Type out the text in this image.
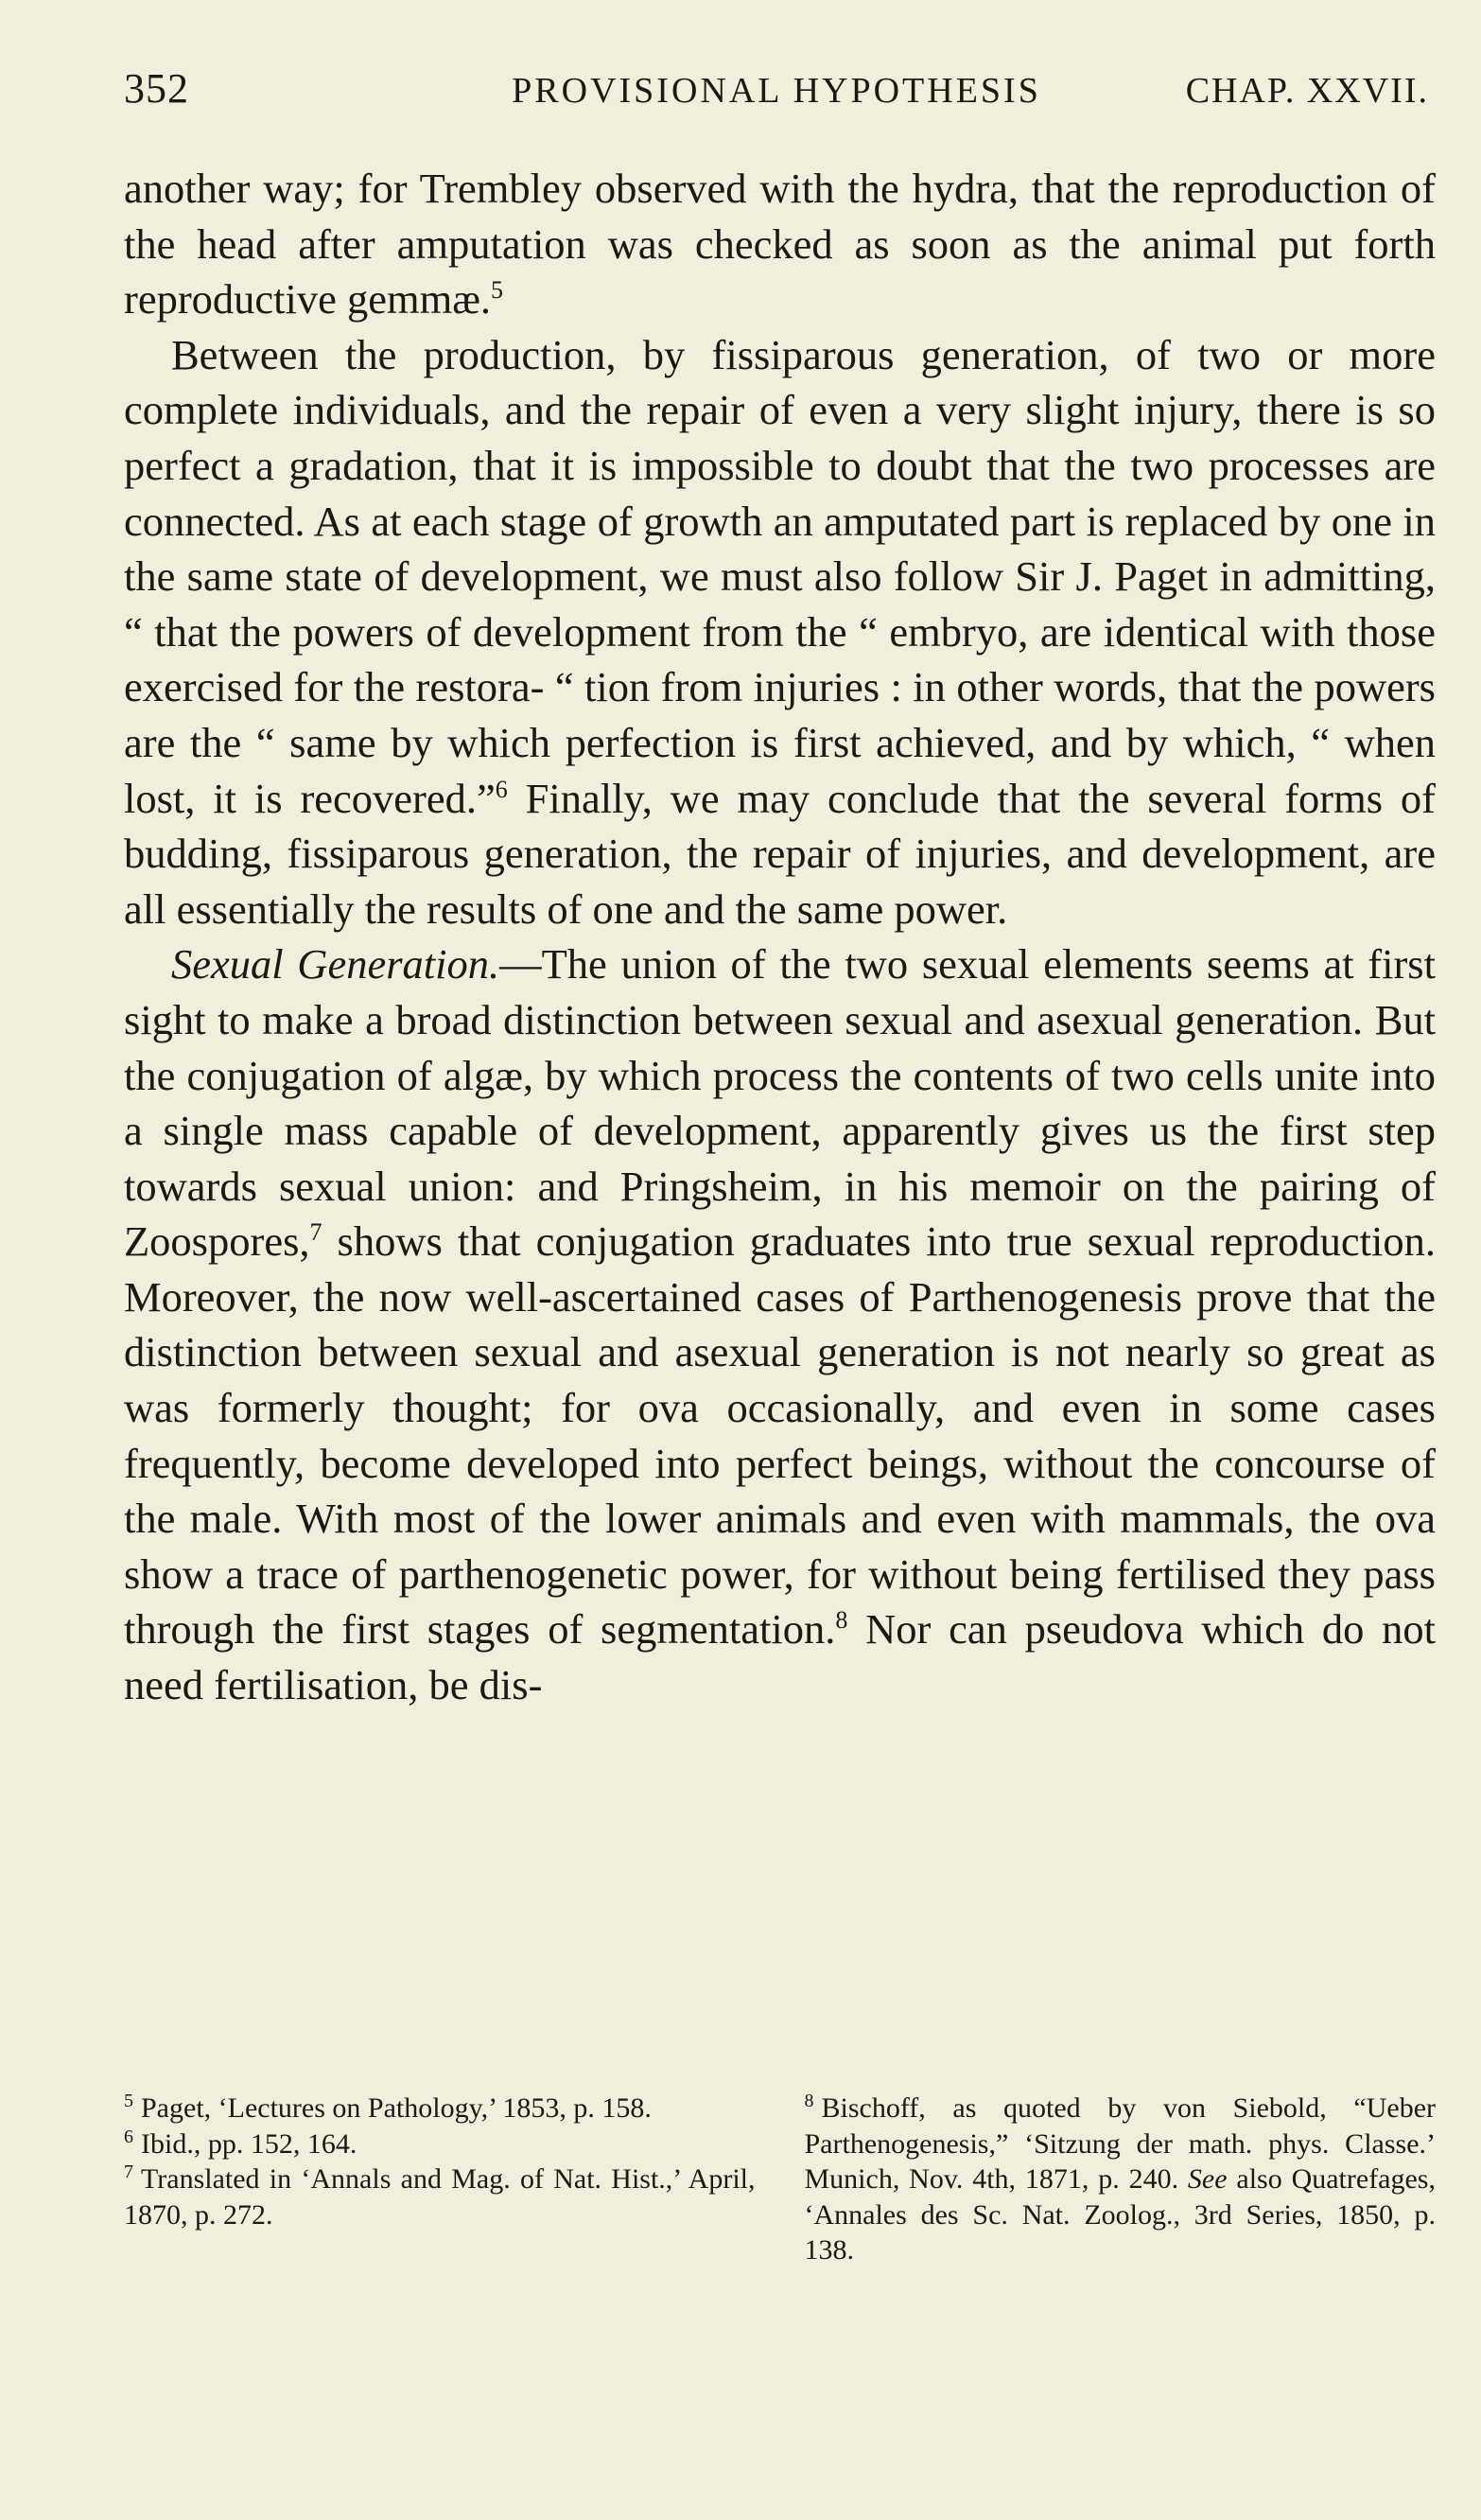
352	PROVISIONAL HYPOTHESIS	CHAP. XXVII.

another way; for Trembley observed with the hydra, that the reproduction of the head after amputation was checked as soon as the animal put forth reproductive gemmæ.$^5$

Between the production, by fissiparous generation, of two or more complete individuals, and the repair of even a very slight injury, there is so perfect a gradation, that it is impossible to doubt that the two processes are connected. As at each stage of growth an amputated part is replaced by one in the same state of development, we must also follow Sir J. Paget in admitting, “ that the powers of development from the “ embryo, are identical with those exercised for the restora- “ tion from injuries : in other words, that the powers are the “ same by which perfection is first achieved, and by which, “ when lost, it is recovered.”$^6$ Finally, we may conclude that the several forms of budding, fissiparous generation, the repair of injuries, and development, are all essentially the results of one and the same power.

Sexual Generation.—The union of the two sexual elements seems at first sight to make a broad distinction between sexual and asexual generation. But the conjugation of algæ, by which process the contents of two cells unite into a single mass capable of development, apparently gives us the first step towards sexual union: and Pringsheim, in his memoir on the pairing of Zoospores,$^7$ shows that conjugation graduates into true sexual reproduction. Moreover, the now well-ascertained cases of Parthenogenesis prove that the distinction between sexual and asexual generation is not nearly so great as was formerly thought; for ova occasionally, and even in some cases frequently, become developed into perfect beings, without the concourse of the male. With most of the lower animals and even with mammals, the ova show a trace of parthenogenetic power, for without being fertilised they pass through the first stages of segmentation.$^8$ Nor can pseudova which do not need fertilisation, be dis-

$^5$ Paget, ‘Lectures on Pathology,’ 1853, p. 158.

$^6$ Ibid., pp. 152, 164.

$^7$ Translated in ‘Annals and Mag. of Nat. Hist.,’ April, 1870, p. 272.

$^8$ Bischoff, as quoted by von Siebold, “Ueber Parthenogenesis,” ‘Sitzung der math. phys. Classe.’ Munich, Nov. 4th, 1871, p. 240. See also Quatrefages, ‘Annales des Sc. Nat. Zoolog., 3rd Series, 1850, p. 138.
